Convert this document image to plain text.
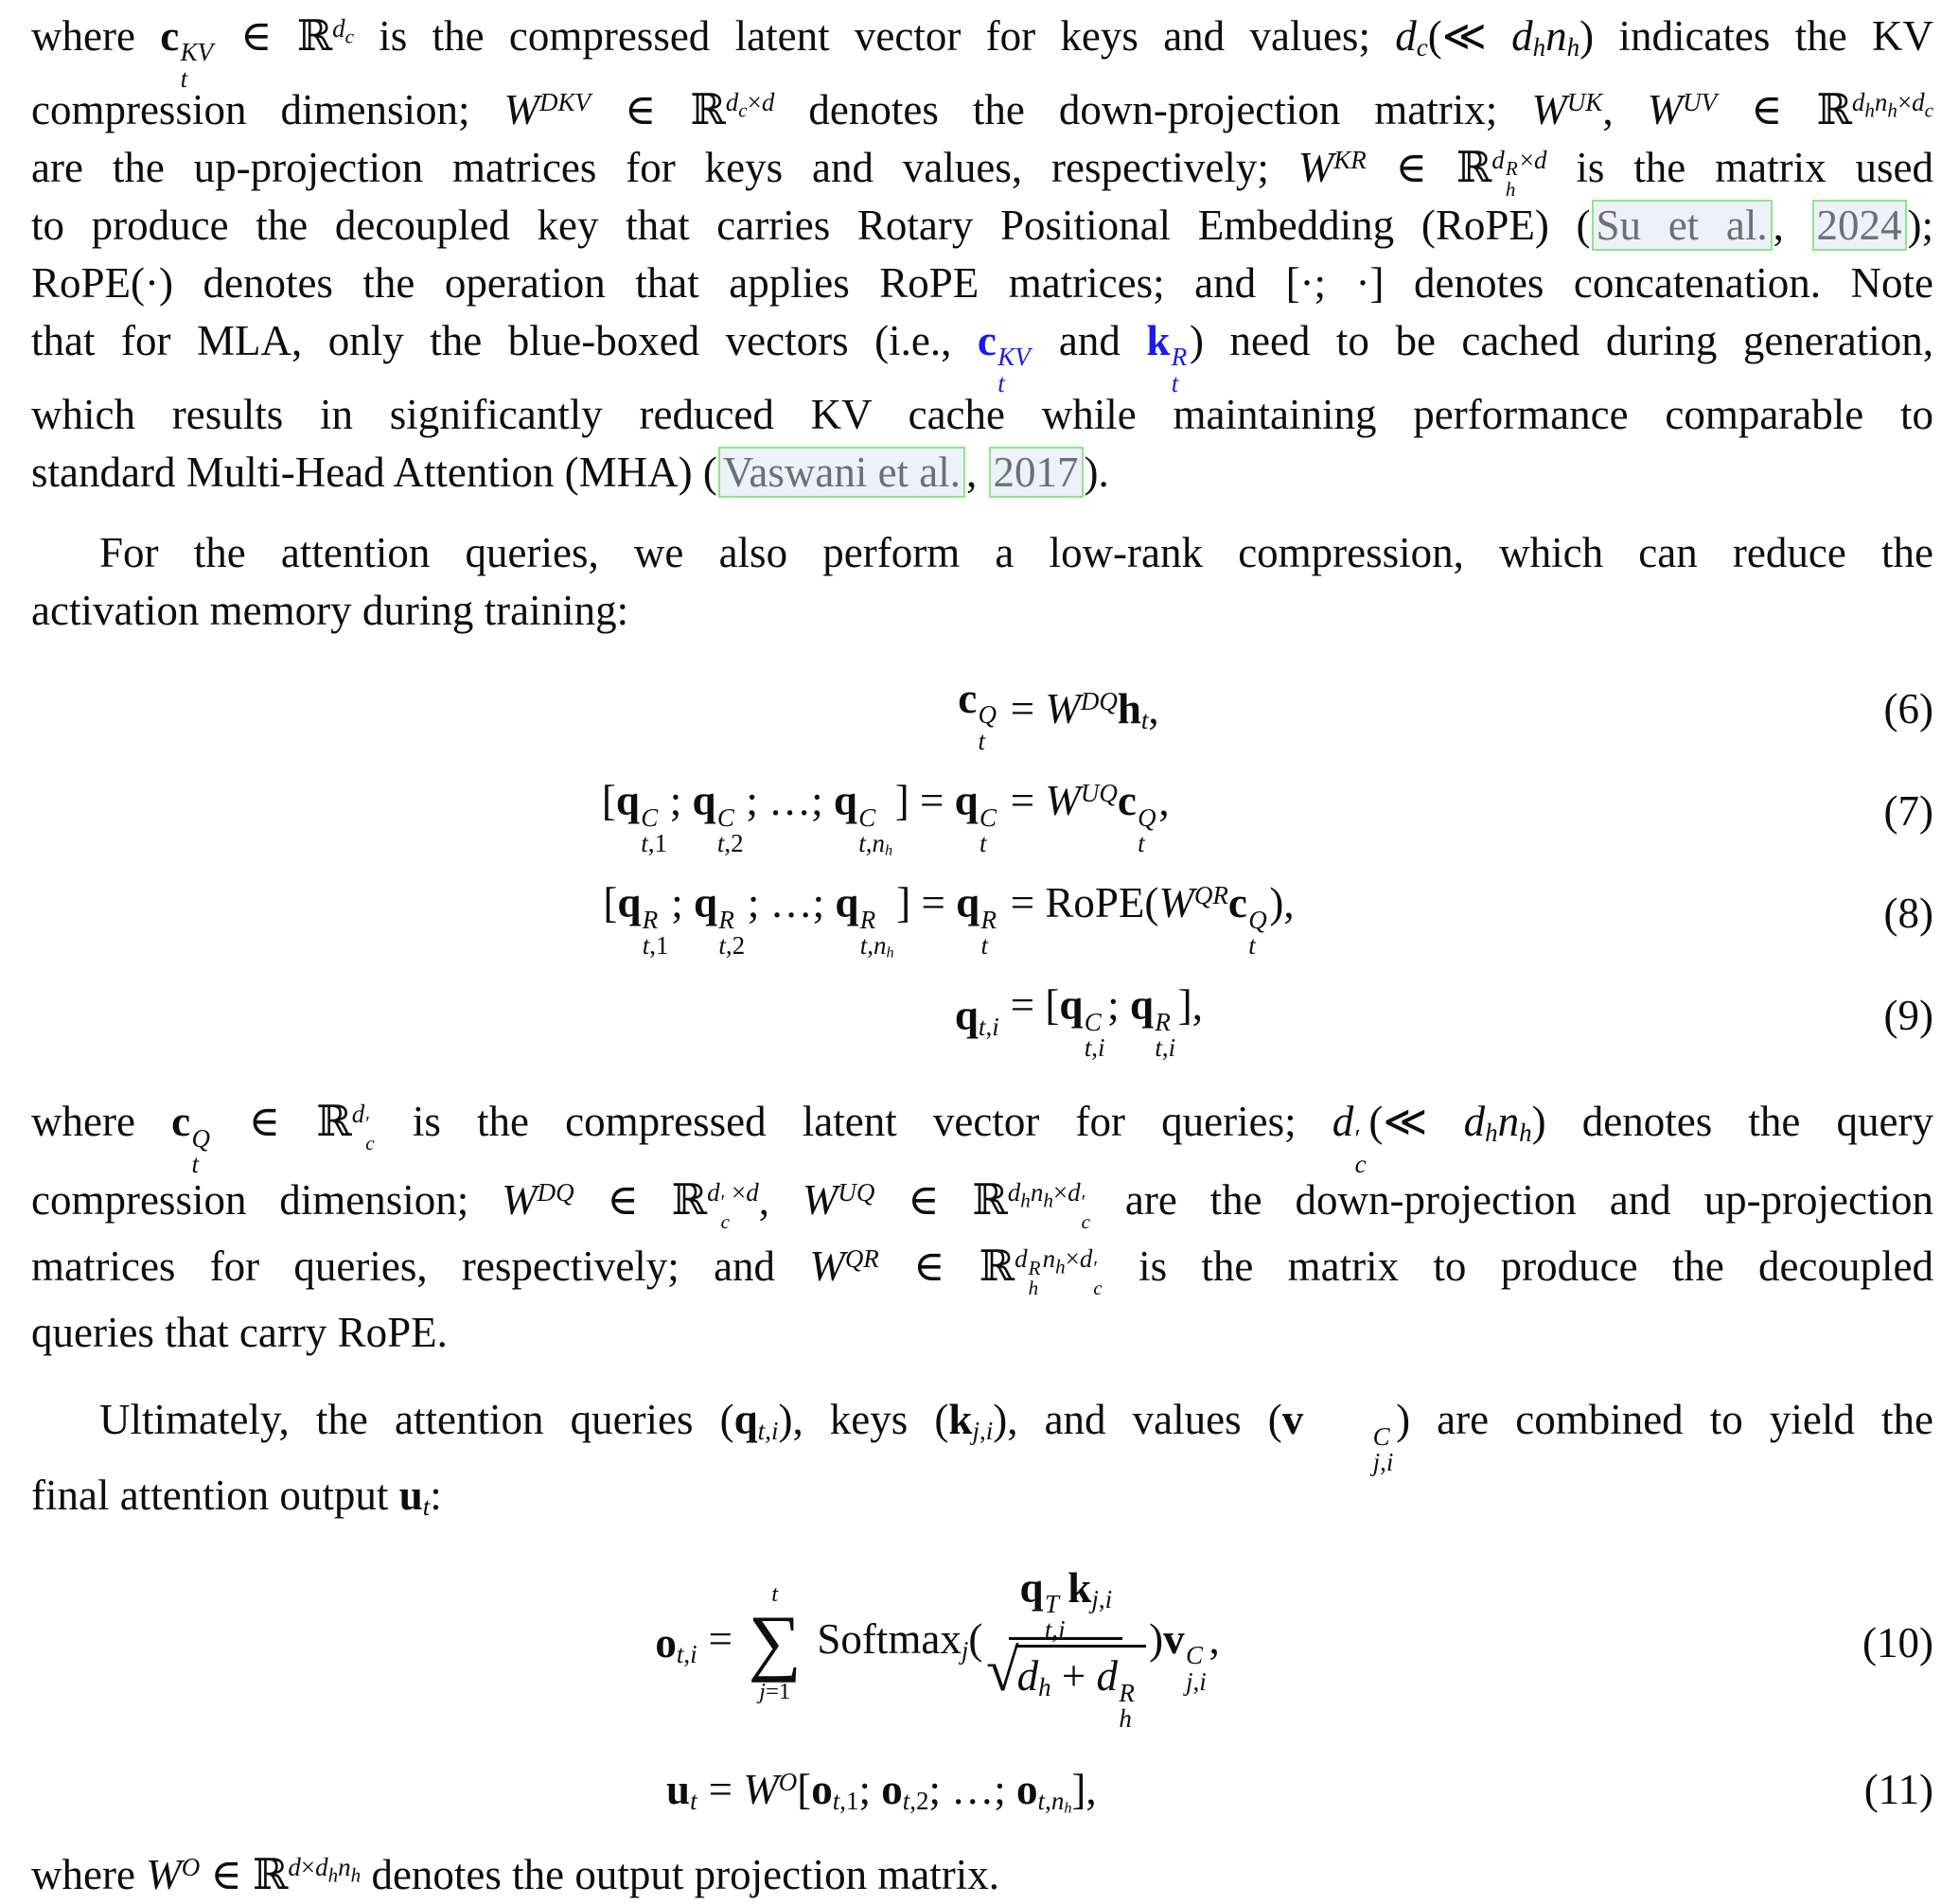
where c KV
t
∈ ℝ$^{d_c}$ is the compressed latent vector for keys and values; $d_c(≪$ $d_hn_h$) indicates the KV
compression dimension; $W^{DKV}$ ∈ ℝ$^{d_c\times d}$ denotes the down-projection matrix; $W^{UK}$, $W^{UV}$ ∈ ℝ$^{d_hn_h\times d_c}$
are the up-projection matrices for keys and values, respectively; $W^{KR}$ ∈ ℝ$^{d R h \times d}$ is the matrix used
to produce the decoupled key that carries Rotary Positional Embedding (RoPE) ( Su et al. , 2024 );
RoPE(·) denotes the operation that applies RoPE matrices; and [·; ·] denotes concatenation. Note
that for MLA, only the blue-boxed vectors (i.e., c KV
t
and k R
t
) need to be cached during generation,
which results in significantly reduced KV cache while maintaining performance comparable to
standard Multi-Head Attention (MHA) ( Vaswani et al. , 2017 ).
For the attention queries, we also perform a low-rank compression, which can reduce the
activation memory during training:
c Q
t
= $W^{DQ}h_t$,	(6)
[q C
t,1
; q C
t,2
; …; q C
$t,n_h$
] = q C
t
= $W^{UQ}c$ Q
t
,	(7)
[q R
t,1
; q R
t,2
; …; q R
$t,n_h$
] = q R
t
= $RoPE(W^{QR}c$ Q
t
),	(8)
$q_{t,i} = [q$ C
t,i
; q R
t,i
],	(9)
where c Q
t
∈ ℝ$^{d ' c}$ is the compressed latent vector for queries; d ′
c
(≪ $d_hn_h$) denotes the query
compression dimension; $W^{DQ}$ ∈ ℝ$^{d ' c \times d}$, $W^{UQ}$ ∈ ℝ$^{d_hn_h\times d ' c}$ are the down-projection and up-projection
matrices for queries, respectively; and $W^{QR}$ ∈ ℝ$^{d R h n_h\times d ' c}$ is the matrix to produce the decoupled
queries that carry RoPE.
Ultimately, the attention queries $(q_{t,i})$, keys $(k_{j,i})$, and values (v	C
j,i
) are combined to yield the
final attention output $u_t$:
$o_{t,i}$ =
t
∑
j=1
Softmax$_j$( q T
t,i
$k_{j,i}$
√
$d_h + d$ R
h )v C
j,i
,	(10)
$u_t = W^O[o_{t,1}$; $o_{t,2}$; …; $o_{t,n_h}$],	(11)
where $W^O$ ∈ ℝ$^{d\times d_hn_h}$ denotes the output projection matrix.
